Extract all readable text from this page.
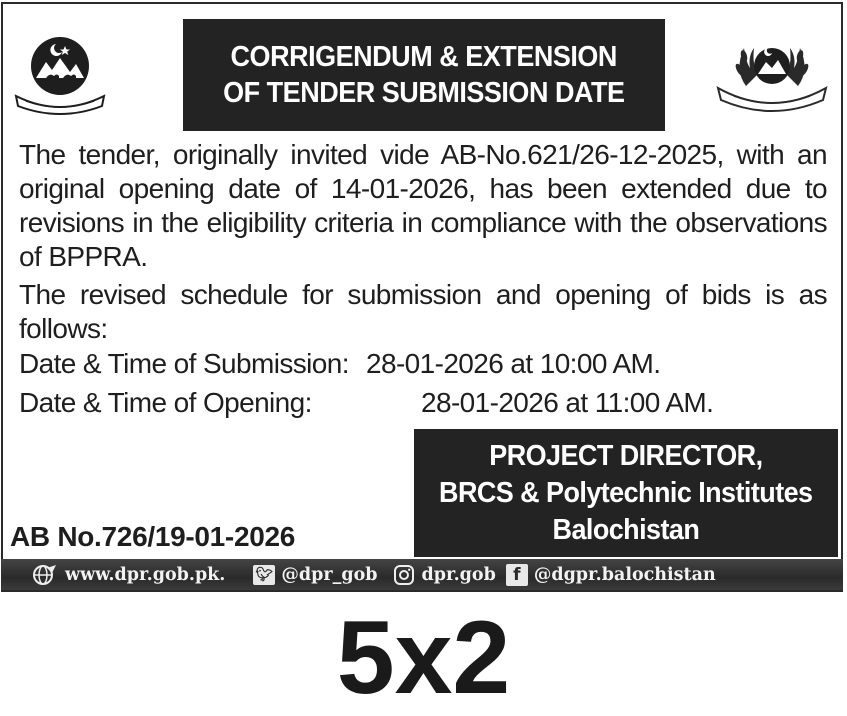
CORRIGENDUM & EXTENSION
OF TENDER SUBMISSION DATE
The tender, originally invited vide AB-No.621/26-12-2025, with an original opening date of 14-01-2026, has been extended due to revisions in the eligibility criteria in compliance with the observations of BPPRA.
The revised schedule for submission and opening of bids is as follows:
Date & Time of Submission: 28-01-2026 at 10:00 AM.
Date & Time of Opening:	28-01-2026 at 11:00 AM.
PROJECT DIRECTOR,
BRCS & Polytechnic Institutes
Balochistan
AB No.726/19-01-2026
www.dpr.gob.pk. 🐦︎ @dpr_gob	dpr.gob	f @dgpr.balochistan
5x2
